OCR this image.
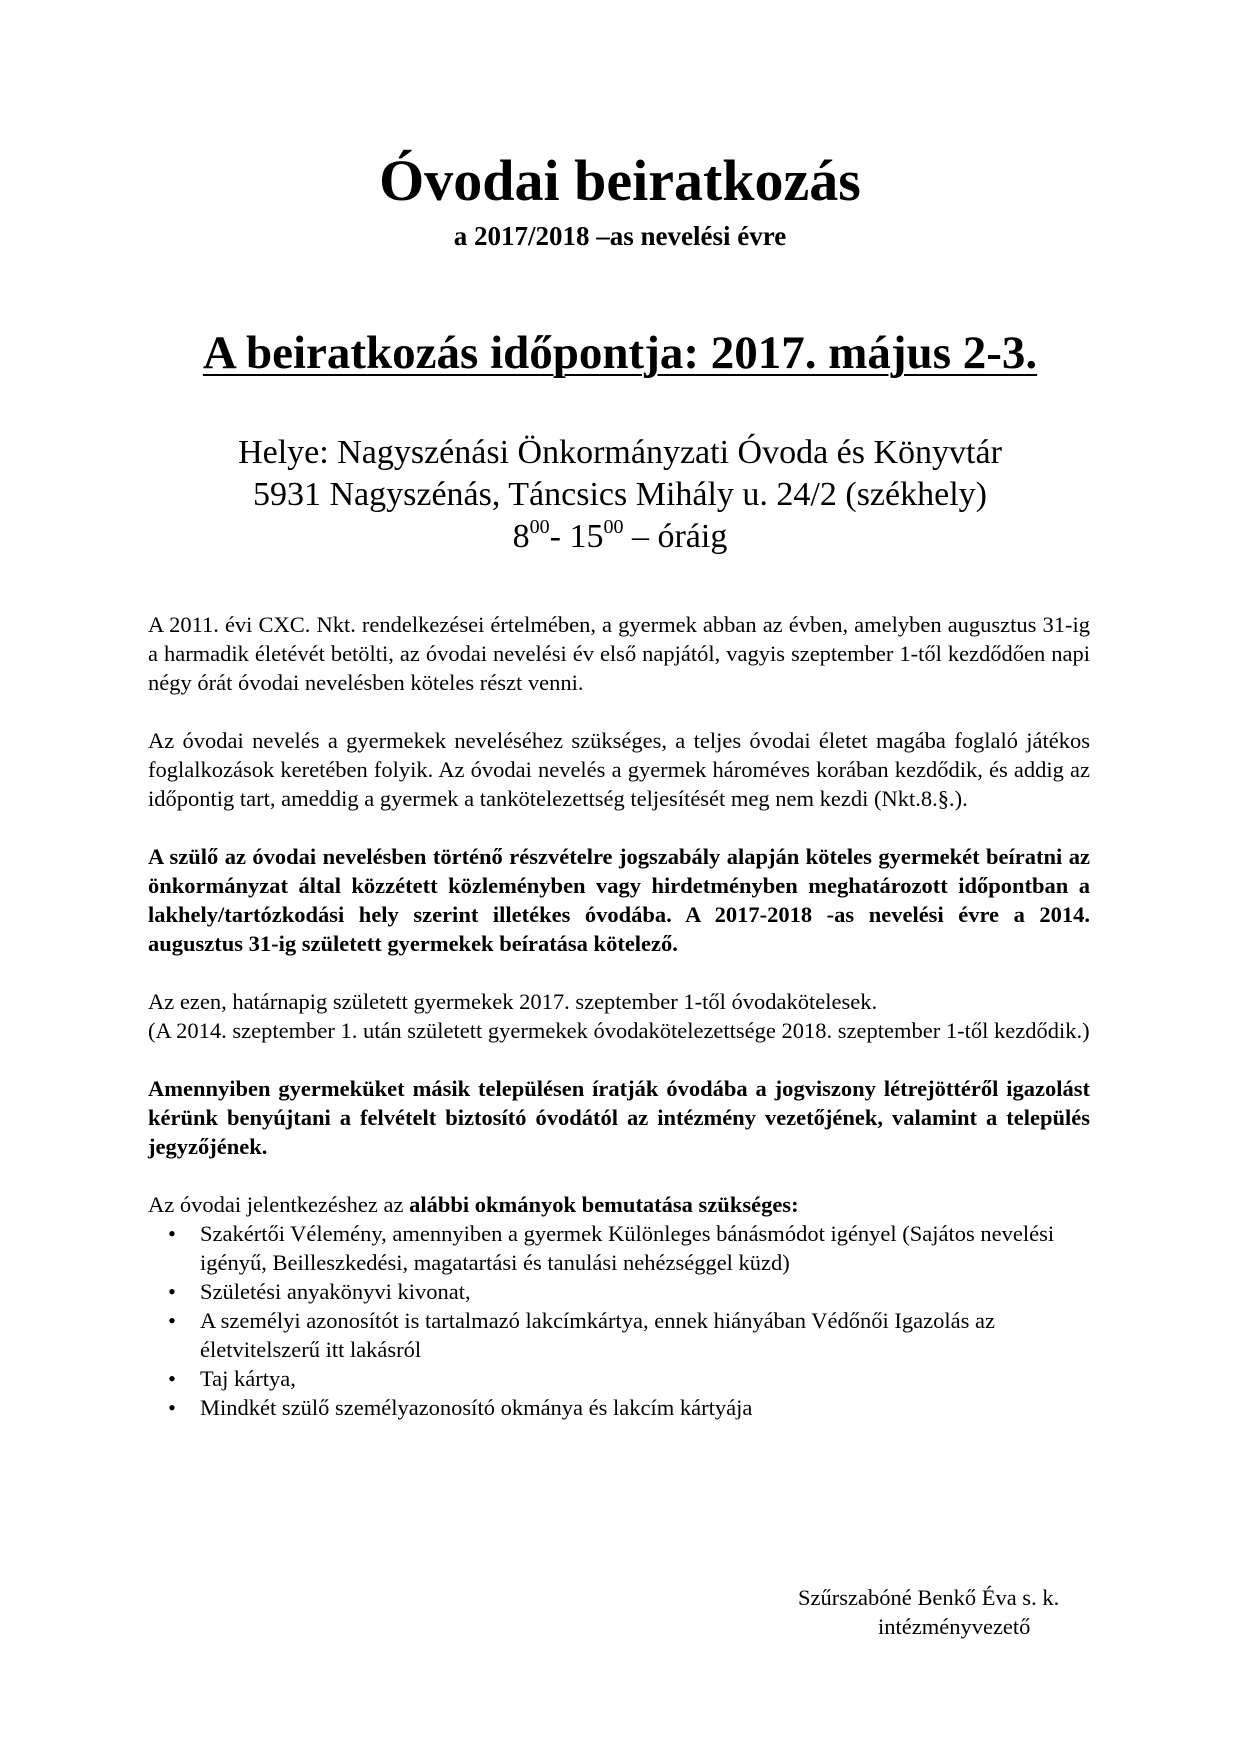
Óvodai beiratkozás
a 2017/2018 –as nevelési évre
A beiratkozás időpontja: 2017. május 2-3.
Helye: Nagyszénási Önkormányzati Óvoda és Könyvtár
5931 Nagyszénás, Táncsics Mihály u. 24/2 (székhely)
$8^{00}-$ $15^{00}$ – óráig

A 2011. évi CXC. Nkt. rendelkezései értelmében, a gyermek abban az évben, amelyben augusztus 31-ig a harmadik életévét betölti, az óvodai nevelési év első napjától, vagyis szeptember 1-től kezdődően napi négy órát óvodai nevelésben köteles részt venni.

Az óvodai nevelés a gyermekek neveléséhez szükséges, a teljes óvodai életet magába foglaló játékos foglalkozások keretében folyik. Az óvodai nevelés a gyermek hároméves korában kezdődik, és addig az időpontig tart, ameddig a gyermek a tankötelezettség teljesítését meg nem kezdi (Nkt.8.§.).

A szülő az óvodai nevelésben történő részvételre jogszabály alapján köteles gyermekét beíratni az önkormányzat által közzétett közleményben vagy hirdetményben meghatározott időpontban a lakhely/tartózkodási hely szerint illetékes óvodába. A 2017-2018 -as nevelési évre a 2014. augusztus 31-ig született gyermekek beíratása kötelező.

Az ezen, határnapig született gyermekek 2017. szeptember 1-től óvodakötelesek.
(A 2014. szeptember 1. után született gyermekek óvodakötelezettsége 2018. szeptember 1-től kezdődik.)

Amennyiben gyermeküket másik településen íratják óvodába a jogviszony létrejöttéről igazolást kérünk benyújtani a felvételt biztosító óvodától az intézmény vezetőjének, valamint a település jegyzőjének.

Az óvodai jelentkezéshez az alábbi okmányok bemutatása szükséges:

• Szakértői Vélemény, amennyiben a gyermek Különleges bánásmódot igényel (Sajátos nevelési igényű, Beilleszkedési, magatartási és tanulási nehézséggel küzd)
• Születési anyakönyvi kivonat,
• A személyi azonosítót is tartalmazó lakcímkártya, ennek hiányában Védőnői Igazolás az életvitelszerű itt lakásról
• Taj kártya,
• Mindkét szülő személyazonosító okmánya és lakcím kártyája
Szűrszabóné Benkő Éva s. k.
intézményvezető
